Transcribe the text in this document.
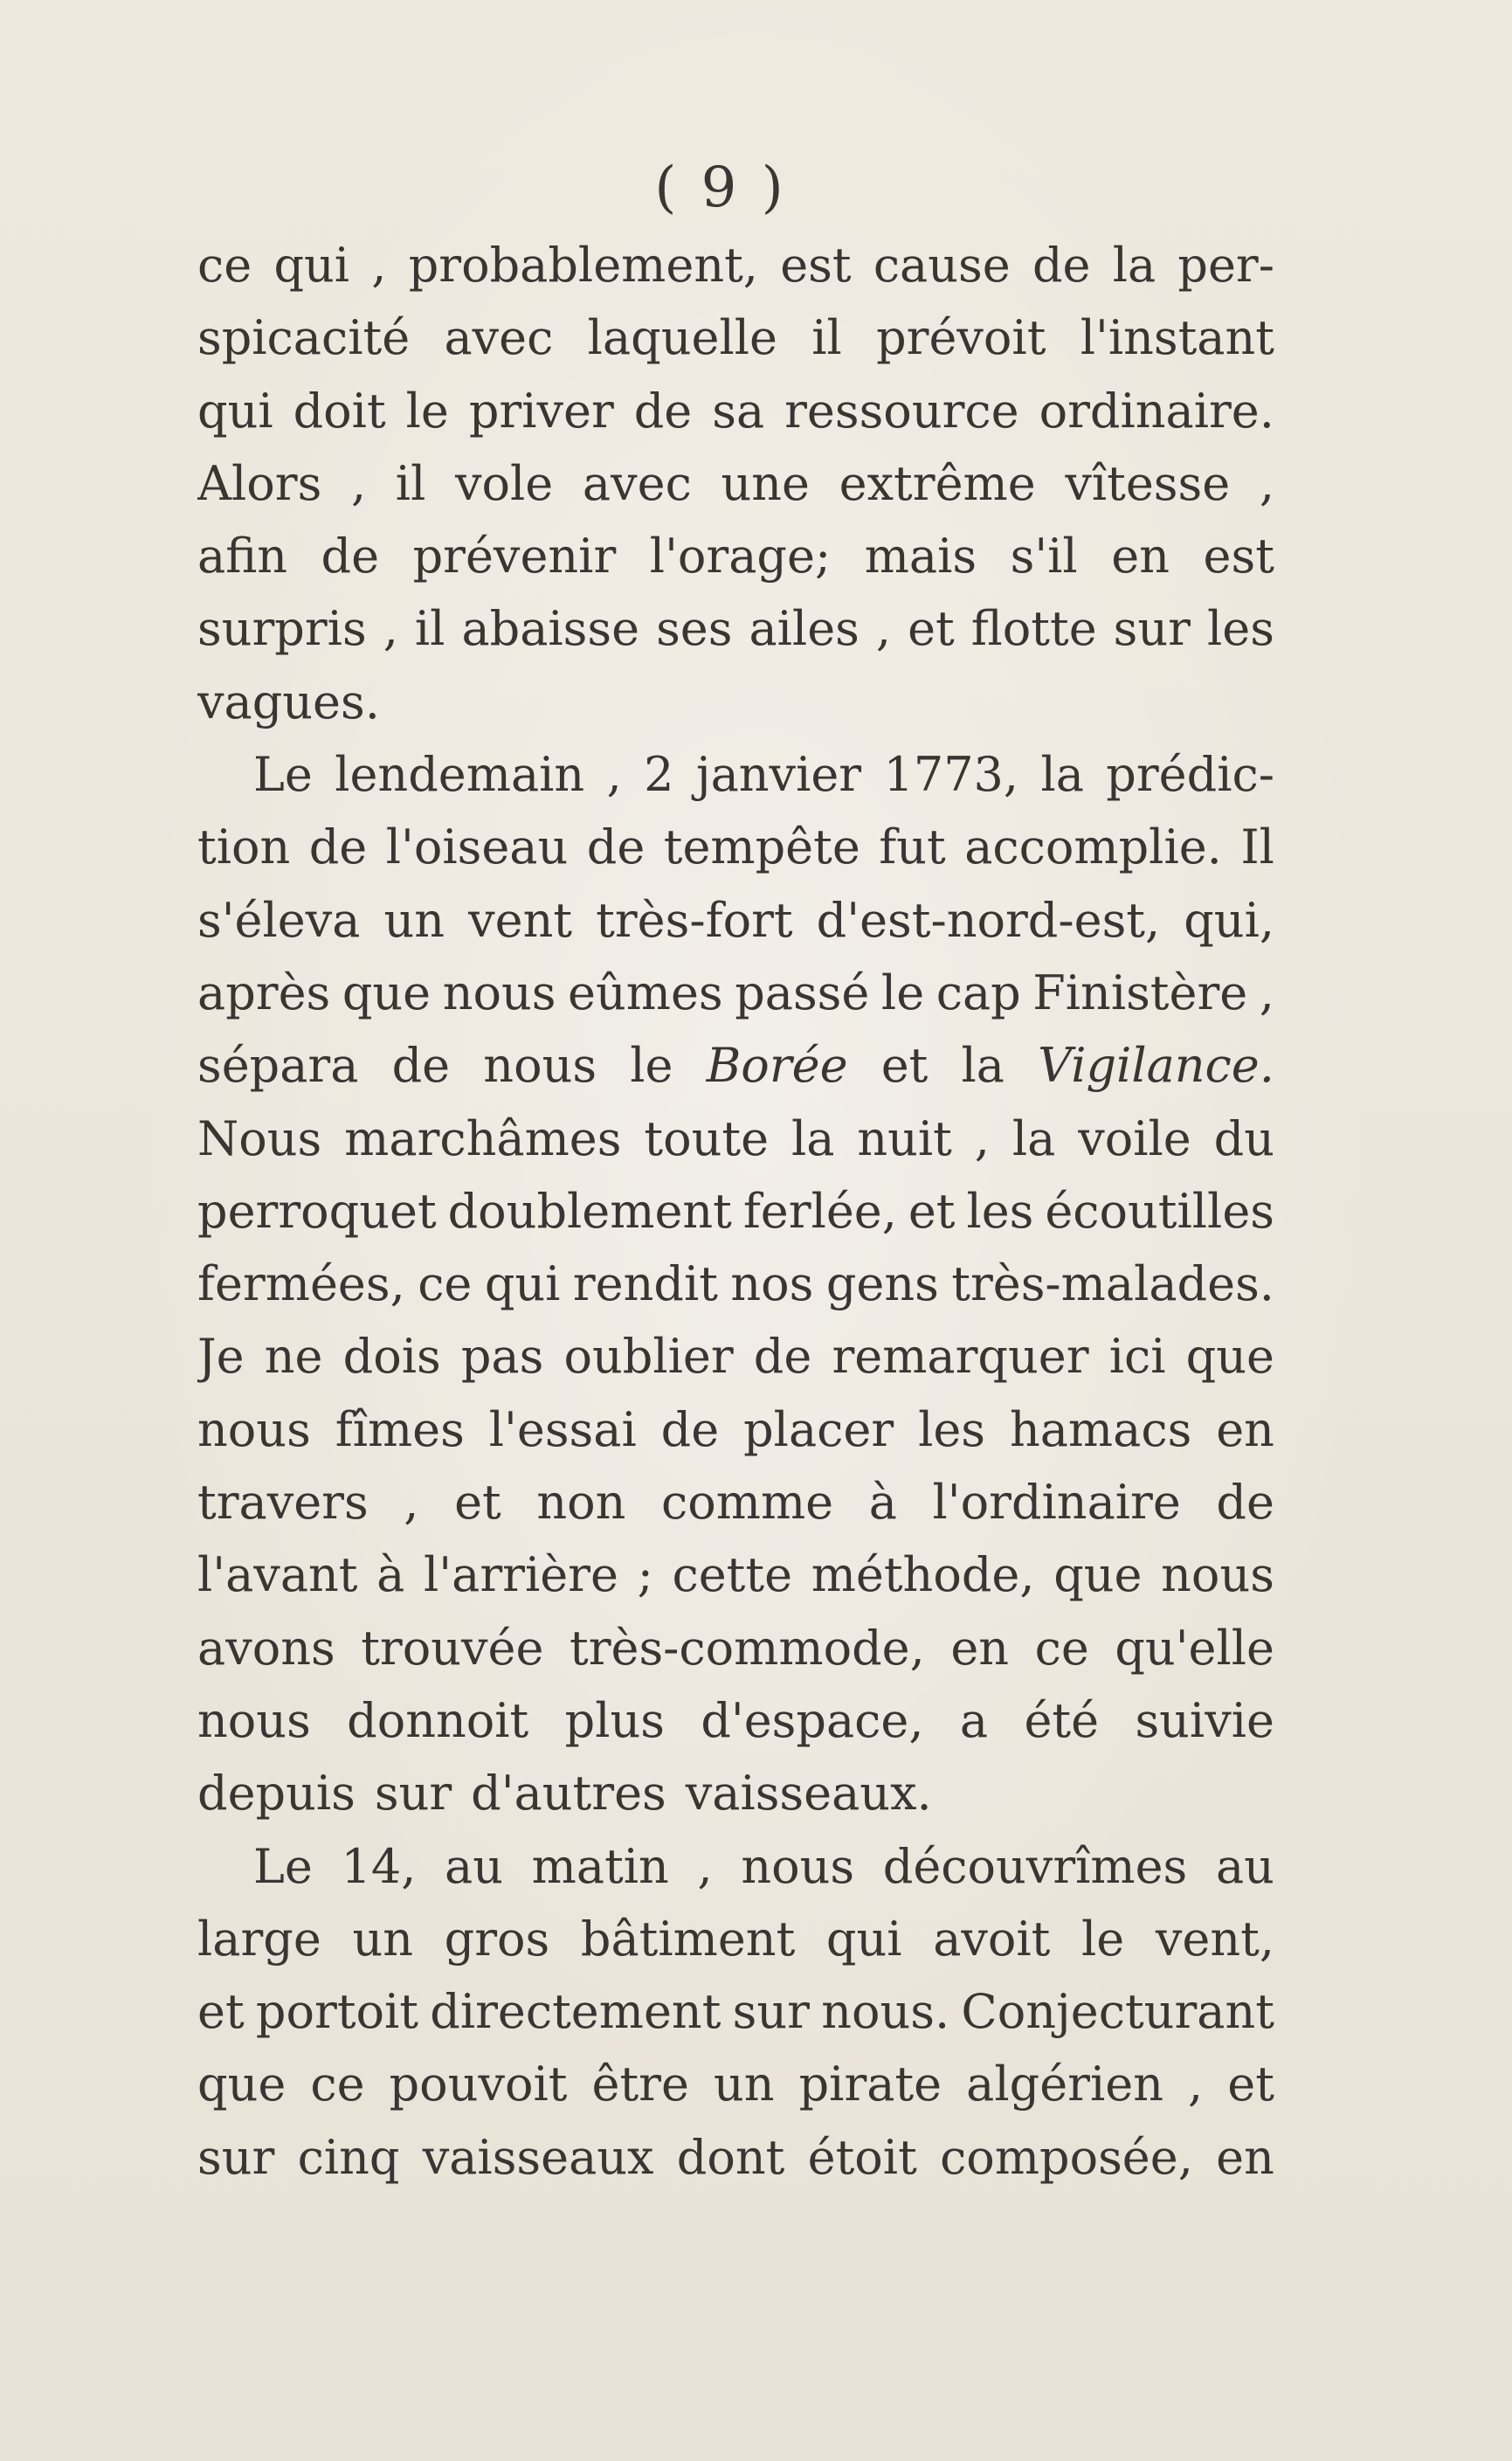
( 9 )
ce qui , probablement, est cause de la per-
spicacité avec laquelle il prévoit l'instant
qui doit le priver de sa ressource ordinaire.
Alors , il vole avec une extrême vîtesse ,
afin de prévenir l'orage; mais s'il en est
surpris , il abaisse ses ailes , et flotte sur les
vagues.
Le lendemain , 2 janvier 1773, la prédic-
tion de l'oiseau de tempête fut accomplie. Il
s'éleva un vent très-fort d'est-nord-est, qui,
après que nous eûmes passé le cap Finistère ,
sépara de nous le Borée et la Vigilance.
Nous marchâmes toute la nuit , la voile du
perroquet doublement ferlée, et les écoutilles
fermées, ce qui rendit nos gens très-malades.
Je ne dois pas oublier de remarquer ici que
nous fîmes l'essai de placer les hamacs en
travers , et non comme à l'ordinaire de
l'avant à l'arrière ; cette méthode, que nous
avons trouvée très-commode, en ce qu'elle
nous donnoit plus d'espace, a été suivie
depuis sur d'autres vaisseaux.
Le 14, au matin , nous découvrîmes au
large un gros bâtiment qui avoit le vent,
et portoit directement sur nous. Conjecturant
que ce pouvoit être un pirate algérien , et
sur cinq vaisseaux dont étoit composée, en
